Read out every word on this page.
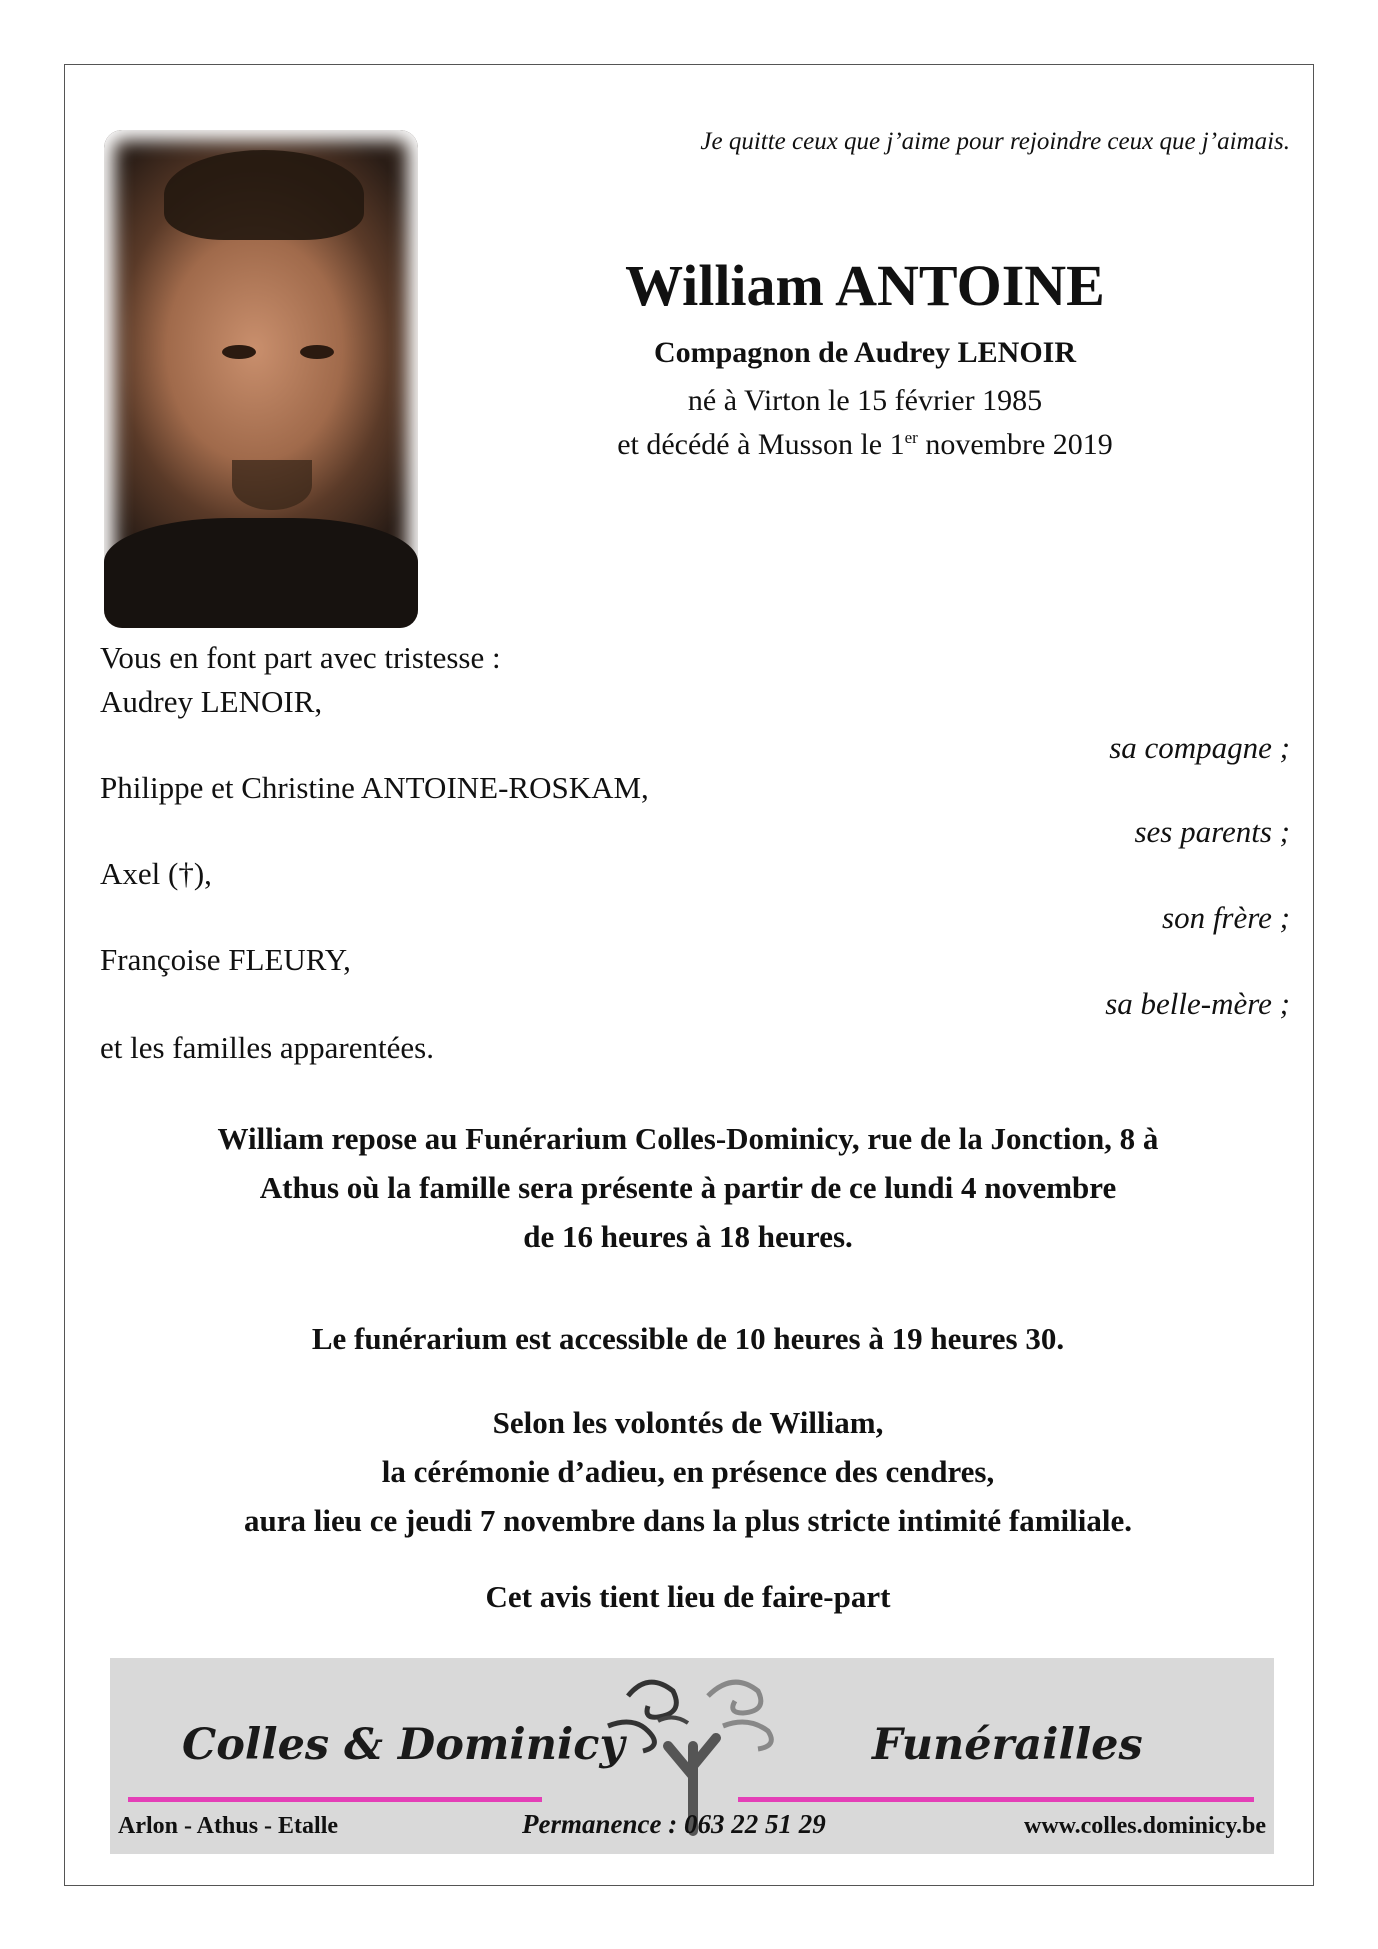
Je quitte ceux que j’aime pour rejoindre ceux que j’aimais.
William ANTOINE
Compagnon de Audrey LENOIR
né à Virton le 15 février 1985
et décédé à Musson le 1er novembre 2019
Vous en font part avec tristesse :
Audrey LENOIR,
sa compagne ;
Philippe et Christine ANTOINE-ROSKAM,
ses parents ;
Axel (†),
son frère ;
Françoise FLEURY,
sa belle-mère ;
et les familles apparentées.
William repose au Funérarium Colles-Dominicy, rue de la Jonction, 8 à
Athus où la famille sera présente à partir de ce lundi 4 novembre
de 16 heures à 18 heures.
Le funérarium est accessible de 10 heures à 19 heures 30.
Selon les volontés de William,
la cérémonie d’adieu, en présence des cendres,
aura lieu ce jeudi 7 novembre dans la plus stricte intimité familiale.
Cet avis tient lieu de faire-part
Colles & Dominicy	Funérailles
Arlon - Athus - Etalle	Permanence : 063 22 51 29	www.colles.dominicy.be
